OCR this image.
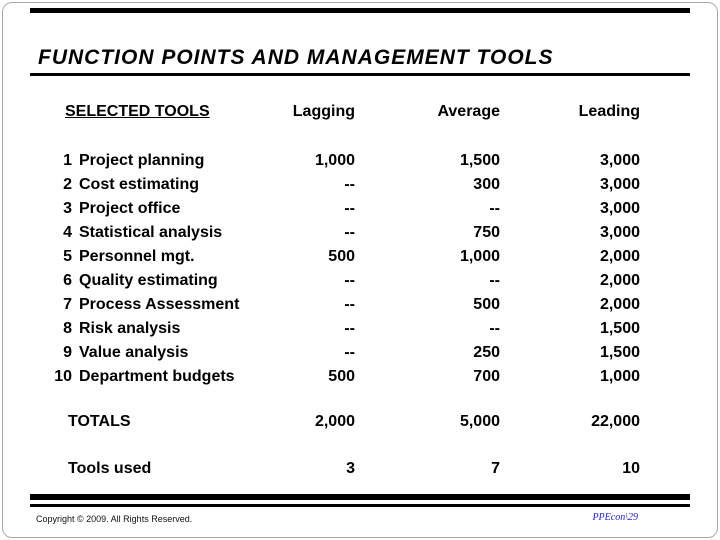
FUNCTION POINTS AND MANAGEMENT TOOLS
SELECTED TOOLS	Lagging	Average	Leading
1 Project planning	1,000	1,500	3,000
2 Cost estimating	--	300	3,000
3 Project office	--	--	3,000
4 Statistical analysis	--	750	3,000
5 Personnel mgt.	500	1,000	2,000
6 Quality estimating	--	--	2,000
7 Process Assessment	--	500	2,000
8 Risk analysis	--	--	1,500
9 Value analysis	--	250	1,500
10 Department budgets	500	700	1,000
TOTALS	2,000	5,000	22,000
Tools used	3	7	10
Copyright © 2009. All Rights Reserved.	PPEcon\29
